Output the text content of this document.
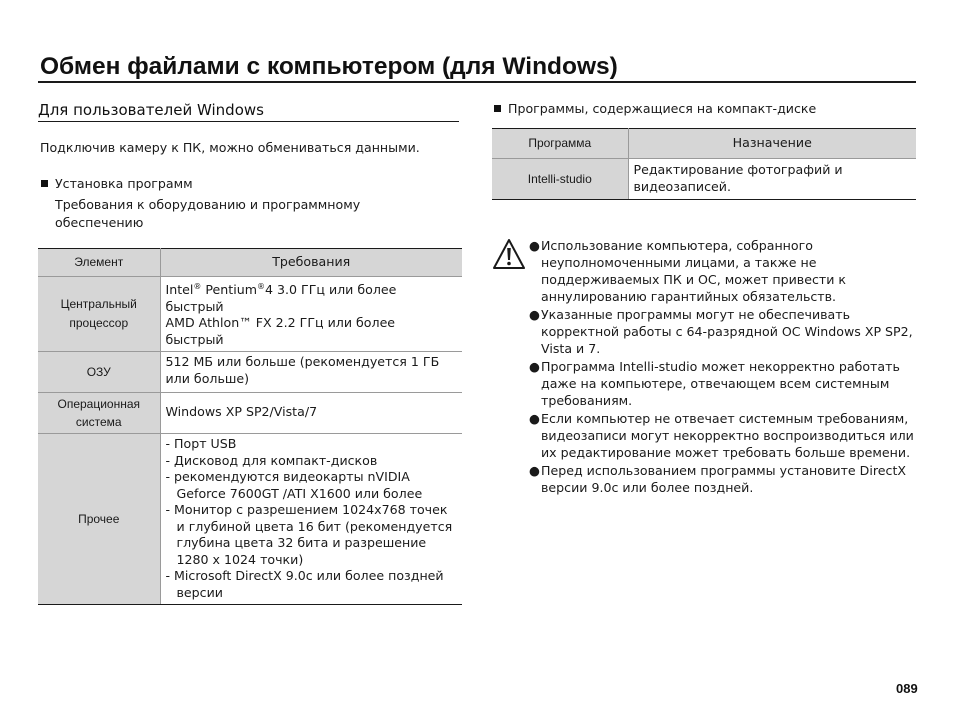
Обмен файлами с компьютером (для Windows)
Для пользователей Windows

Подключив камеру к ПК, можно обмениваться данными.

Установка программ

Требования к оборудованию и программному
обеспечению

Элемент	Требования
Центральный
процессор	Intel® Pentium®4 3.0 ГГц или более
быстрый
AMD Athlon™ FX 2.2 ГГц или более
быстрый
ОЗУ	512 МБ или больше (рекомендуется 1 ГБ
или больше)
Операционная
система	Windows XP SP2/Vista/7
Прочее	- Порт USB
- Дисковод для компакт-дисков
- рекомендуются видеокарты nVIDIA Geforce 7600GT /ATI X1600 или более
- Монитор с разрешением 1024x768 точек и глубиной цвета 16 бит (рекомендуется глубина цвета 32 бита и разрешение 1280 x 1024 точки)
- Microsoft DirectX 9.0c или более поздней версии

Программы, содержащиеся на компакт-диске

Программа	Назначение
Intelli-studio	Редактирование фотографий и
видеозаписей.
●Использование компьютера, собранного неуполномоченными лицами, а также не поддерживаемых ПК и ОС, может привести к аннулированию гарантийных обязательств.
●Указанные программы могут не обеспечивать корректной работы с 64-разрядной ОС Windows XP SP2, Vista и 7.
●Программа Intelli-studio может некорректно работать даже на компьютере, отвечающем всем системным требованиям.
●Если компьютер не отвечает системным требованиям, видеозаписи могут некорректно воспроизводиться или их редактирование может требовать больше времени.
●Перед использованием программы установите DirectX версии 9.0c или более поздней.
089
